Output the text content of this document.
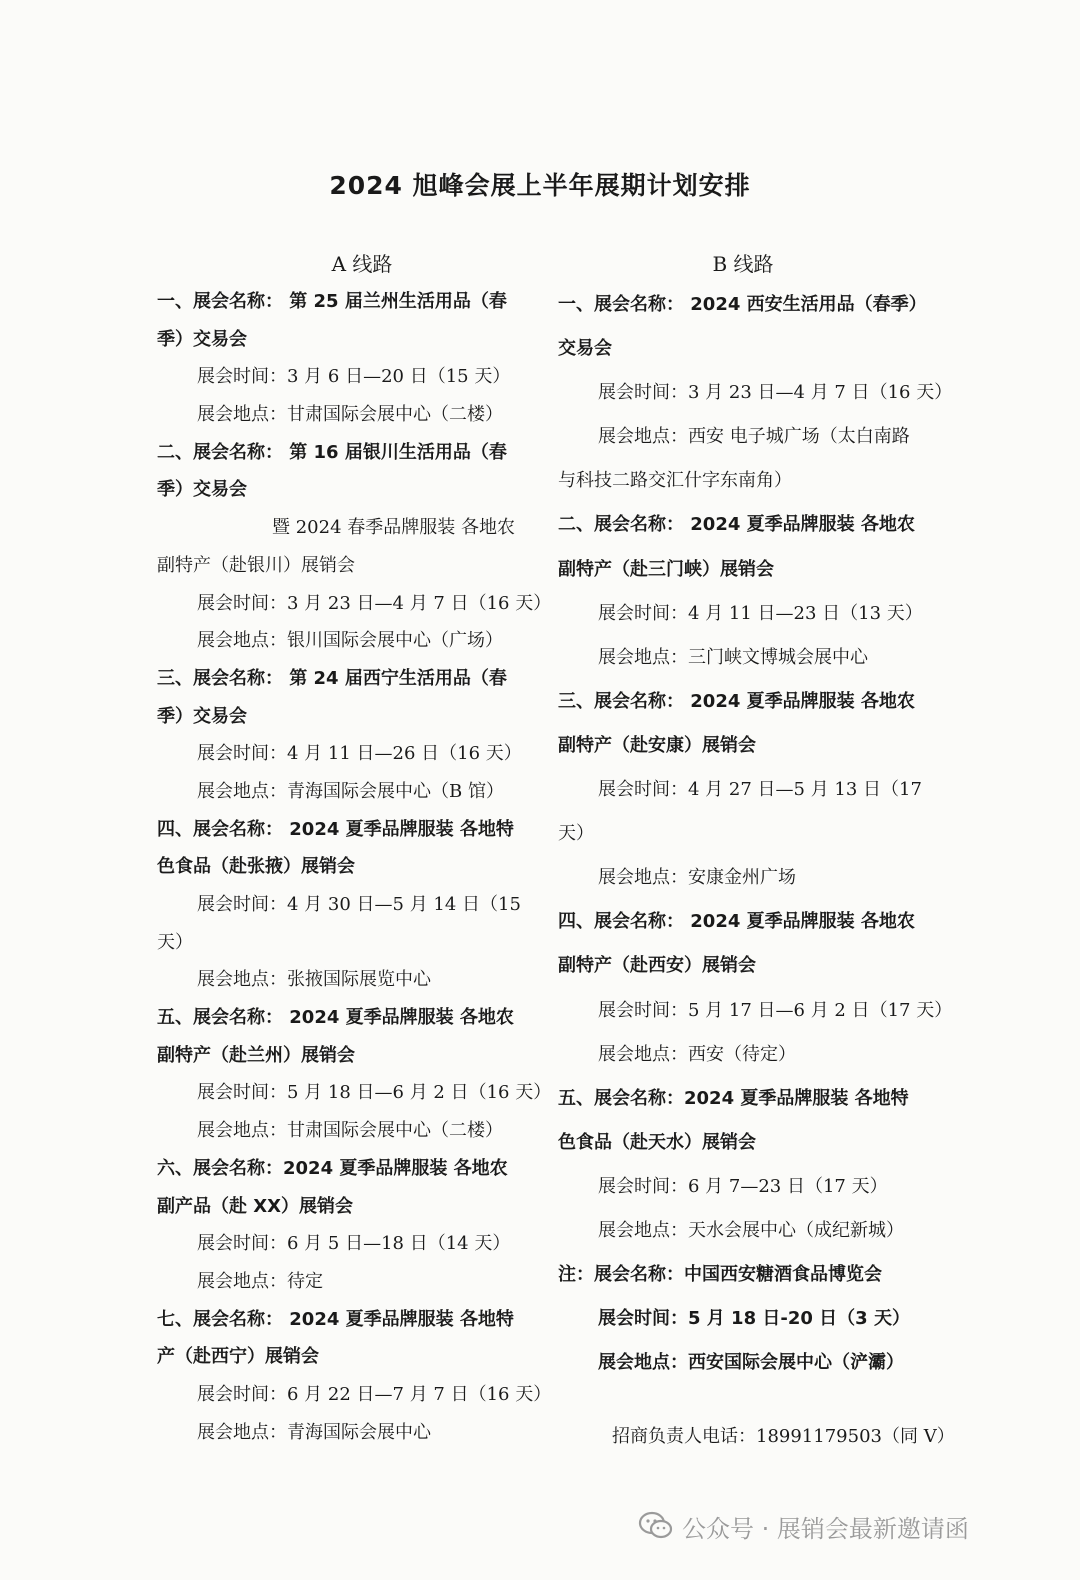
2024 旭峰会展上半年展期计划安排
A 线路
一、展会名称： 第 25 届兰州生活用品（春
季）交易会
展会时间：3 月 6 日—20 日（15 天）
展会地点：甘肃国际会展中心（二楼）
二、展会名称： 第 16 届银川生活用品（春
季）交易会
暨 2024 春季品牌服装 各地农
副特产（赴银川）展销会
展会时间：3 月 23 日—4 月 7 日（16 天）
展会地点：银川国际会展中心（广场）
三、展会名称： 第 24 届西宁生活用品（春
季）交易会
展会时间：4 月 11 日—26 日（16 天）
展会地点：青海国际会展中心（B 馆）
四、展会名称： 2024 夏季品牌服装 各地特
色食品（赴张掖）展销会
展会时间：4 月 30 日—5 月 14 日（15
天）
展会地点：张掖国际展览中心
五、展会名称： 2024 夏季品牌服装 各地农
副特产（赴兰州）展销会
展会时间：5 月 18 日—6 月 2 日（16 天）
展会地点：甘肃国际会展中心（二楼）
六、展会名称：2024 夏季品牌服装 各地农
副产品（赴 XX）展销会
展会时间：6 月 5 日—18 日（14 天）
展会地点：待定
七、展会名称： 2024 夏季品牌服装 各地特
产（赴西宁）展销会
展会时间：6 月 22 日—7 月 7 日（16 天）
展会地点：青海国际会展中心
B 线路
一、展会名称： 2024 西安生活用品（春季）
交易会
展会时间：3 月 23 日—4 月 7 日（16 天）
展会地点：西安 电子城广场（太白南路
与科技二路交汇什字东南角）
二、展会名称： 2024 夏季品牌服装 各地农
副特产（赴三门峡）展销会
展会时间：4 月 11 日—23 日（13 天）
展会地点：三门峡文博城会展中心
三、展会名称： 2024 夏季品牌服装 各地农
副特产（赴安康）展销会
展会时间：4 月 27 日—5 月 13 日（17
天）
展会地点：安康金州广场
四、展会名称： 2024 夏季品牌服装 各地农
副特产（赴西安）展销会
展会时间：5 月 17 日—6 月 2 日（17 天）
展会地点：西安（待定）
五、展会名称：2024 夏季品牌服装 各地特
色食品（赴天水）展销会
展会时间：6 月 7—23 日（17 天）
展会地点：天水会展中心（成纪新城）
注：展会名称：中国西安糖酒食品博览会
展会时间：5 月 18 日-20 日（3 天）
展会地点：西安国际会展中心（浐灞）
招商负责人电话：18991179503（同 V）
公众号 · 展销会最新邀请函
